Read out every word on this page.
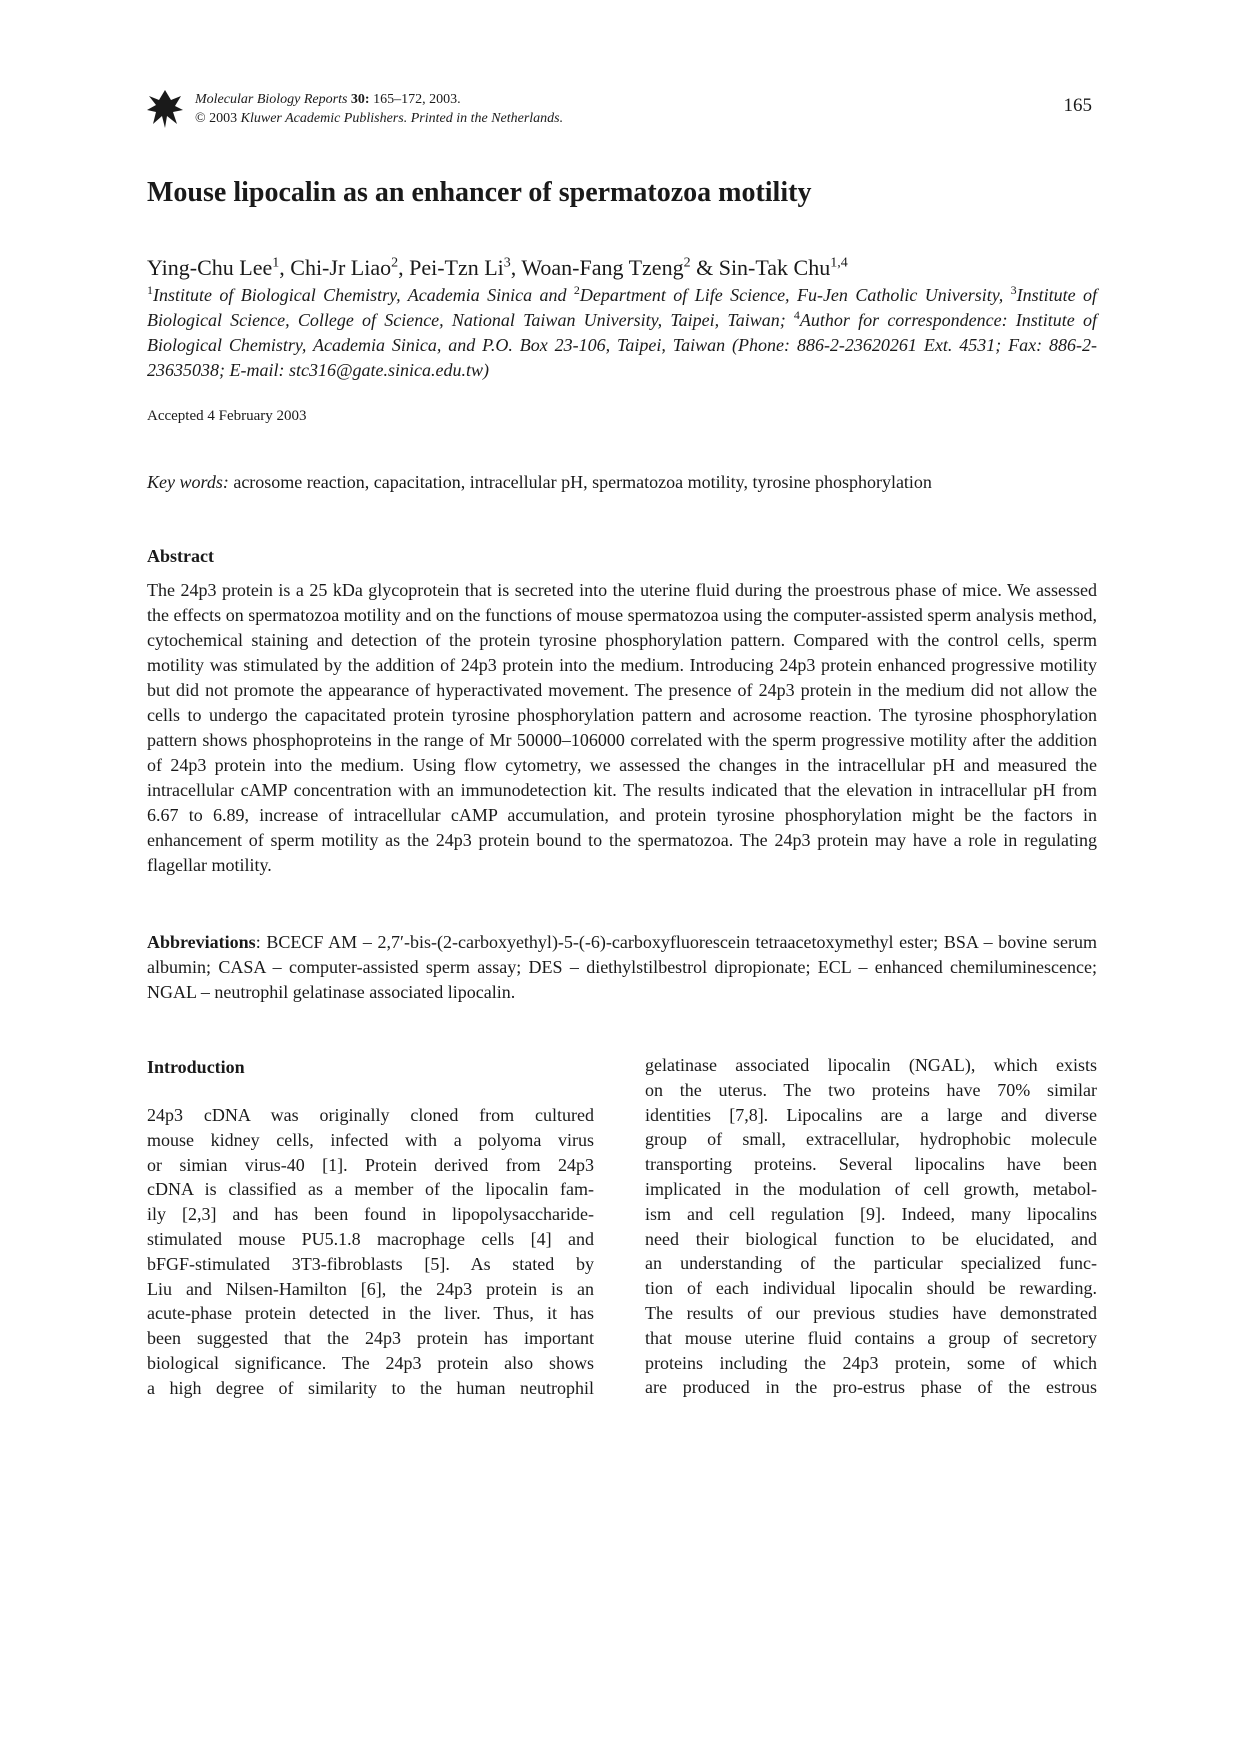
Molecular Biology Reports 30: 165–172, 2003.
© 2003 Kluwer Academic Publishers. Printed in the Netherlands.
165
Mouse lipocalin as an enhancer of spermatozoa motility
Ying-Chu Lee$^1$, Chi-Jr Liao$^2$, Pei-Tzn Li$^3$, Woan-Fang Tzeng$^2$ & Sin-Tak Chu$^{1,4}$
$^1$Institute of Biological Chemistry, Academia Sinica and $^2$Department of Life Science, Fu-Jen Catholic University, $^3$Institute of Biological Science, College of Science, National Taiwan University, Taipei, Taiwan; $^4$Author for correspondence: Institute of Biological Chemistry, Academia Sinica, and P.O. Box 23-106, Taipei, Taiwan (Phone: 886-2-23620261 Ext. 4531; Fax: 886-2-23635038; E-mail: stc316@gate.sinica.edu.tw)
Accepted 4 February 2003
Key words: acrosome reaction, capacitation, intracellular pH, spermatozoa motility, tyrosine phosphorylation
Abstract
The 24p3 protein is a 25 kDa glycoprotein that is secreted into the uterine fluid during the proestrous phase of mice. We assessed the effects on spermatozoa motility and on the functions of mouse spermatozoa using the computer-assisted sperm analysis method, cytochemical staining and detection of the protein tyrosine phosphorylation pattern. Compared with the control cells, sperm motility was stimulated by the addition of 24p3 protein into the medium. Introducing 24p3 protein enhanced progressive motility but did not promote the appearance of hyperactivated movement. The presence of 24p3 protein in the medium did not allow the cells to undergo the capacitated protein tyrosine phosphorylation pattern and acrosome reaction. The tyrosine phosphorylation pattern shows phosphoproteins in the range of Mr 50000–106000 correlated with the sperm progressive motility after the addition of 24p3 protein into the medium. Using flow cytometry, we assessed the changes in the intracellular pH and measured the intracellular cAMP concentration with an immunodetection kit. The results indicated that the elevation in intracellular pH from 6.67 to 6.89, increase of intracellular cAMP accumulation, and protein tyrosine phosphorylation might be the factors in enhancement of sperm motility as the 24p3 protein bound to the spermatozoa. The 24p3 protein may have a role in regulating flagellar motility.
Abbreviations: BCECF AM – 2,7′-bis-(2-carboxyethyl)-5-(-6)-carboxyfluorescein tetraacetoxymethyl ester; BSA – bovine serum albumin; CASA – computer-assisted sperm assay; DES – diethylstilbestrol dipropionate; ECL – enhanced chemiluminescence; NGAL – neutrophil gelatinase associated lipocalin.
Introduction
24p3 cDNA was originally cloned from cultured
mouse kidney cells, infected with a polyoma virus
or simian virus-40 [1]. Protein derived from 24p3
cDNA is classified as a member of the lipocalin fam-
ily [2,3] and has been found in lipopolysaccharide-
stimulated mouse PU5.1.8 macrophage cells [4] and
bFGF-stimulated 3T3-fibroblasts [5]. As stated by
Liu and Nilsen-Hamilton [6], the 24p3 protein is an
acute-phase protein detected in the liver. Thus, it has
been suggested that the 24p3 protein has important
biological significance. The 24p3 protein also shows
a high degree of similarity to the human neutrophil
gelatinase associated lipocalin (NGAL), which exists
on the uterus. The two proteins have 70% similar
identities [7,8]. Lipocalins are a large and diverse
group of small, extracellular, hydrophobic molecule
transporting proteins. Several lipocalins have been
implicated in the modulation of cell growth, metabol-
ism and cell regulation [9]. Indeed, many lipocalins
need their biological function to be elucidated, and
an understanding of the particular specialized func-
tion of each individual lipocalin should be rewarding.
The results of our previous studies have demonstrated
that mouse uterine fluid contains a group of secretory
proteins including the 24p3 protein, some of which
are produced in the pro-estrus phase of the estrous
